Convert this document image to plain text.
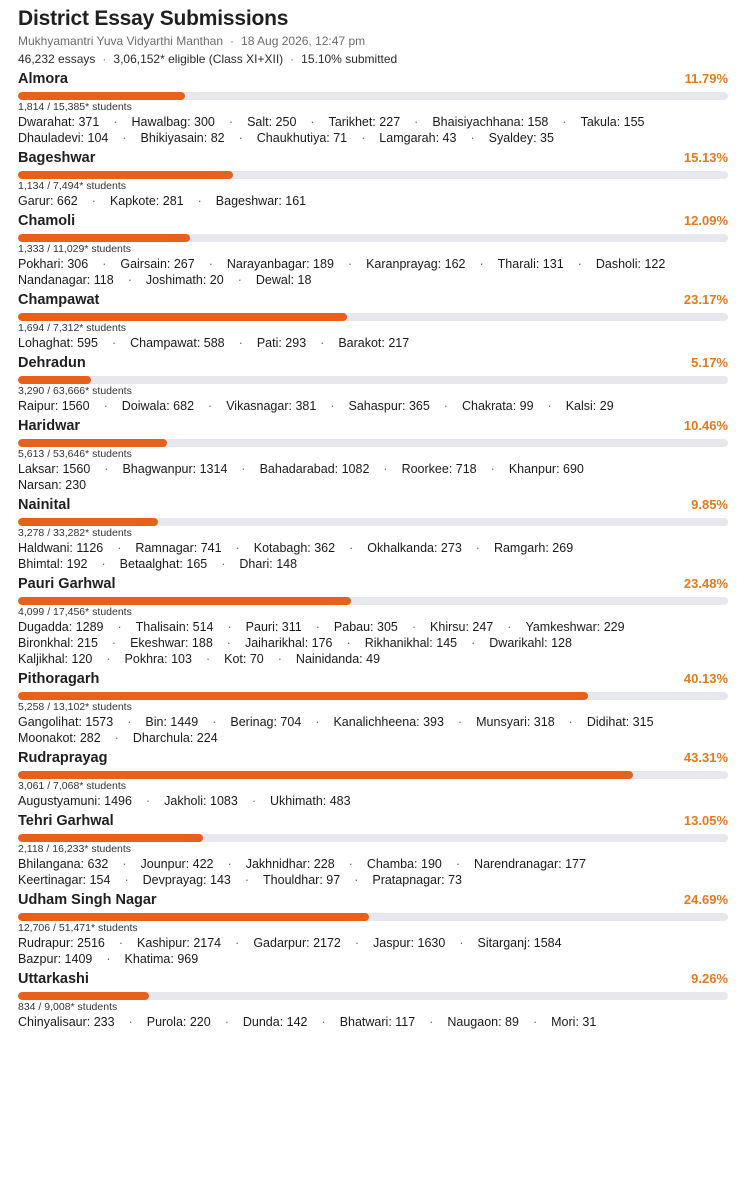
District Essay Submissions
Mukhyamantri Yuva Vidyarthi Manthan · 18 Aug 2026, 12:47 pm
46,232 essays · 3,06,152* eligible (Class XI+XII) · 15.10% submitted
Almora	11.79%
1,814 / 15,385* students
Dwarahat: 371 · Hawalbag: 300 · Salt: 250 · Tarikhet: 227 · Bhaisiyachhana: 158 · Takula: 155
Dhauladevi: 104 · Bhikiyasain: 82 · Chaukhutiya: 71 · Lamgarah: 43 · Syaldey: 35
Bageshwar	15.13%
1,134 / 7,494* students
Garur: 662 · Kapkote: 281 · Bageshwar: 161
Chamoli	12.09%
1,333 / 11,029* students
Pokhari: 306 · Gairsain: 267 · Narayanbagar: 189 · Karanprayag: 162 · Tharali: 131 · Dasholi: 122
Nandanagar: 118 · Joshimath: 20 · Dewal: 18
Champawat	23.17%
1,694 / 7,312* students
Lohaghat: 595 · Champawat: 588 · Pati: 293 · Barakot: 217
Dehradun	5.17%
3,290 / 63,666* students
Raipur: 1560 · Doiwala: 682 · Vikasnagar: 381 · Sahaspur: 365 · Chakrata: 99 · Kalsi: 29
Haridwar	10.46%
5,613 / 53,646* students
Laksar: 1560 · Bhagwanpur: 1314 · Bahadarabad: 1082 · Roorkee: 718 · Khanpur: 690
Narsan: 230
Nainital	9.85%
3,278 / 33,282* students
Haldwani: 1126 · Ramnagar: 741 · Kotabagh: 362 · Okhalkanda: 273 · Ramgarh: 269
Bhimtal: 192 · Betaalghat: 165 · Dhari: 148
Pauri Garhwal	23.48%
4,099 / 17,456* students
Dugadda: 1289 · Thalisain: 514 · Pauri: 311 · Pabau: 305 · Khirsu: 247 · Yamkeshwar: 229
Bironkhal: 215 · Ekeshwar: 188 · Jaiharikhal: 176 · Rikhanikhal: 145 · Dwarikahl: 128
Kaljikhal: 120 · Pokhra: 103 · Kot: 70 · Nainidanda: 49
Pithoragarh	40.13%
5,258 / 13,102* students
Gangolihat: 1573 · Bin: 1449 · Berinag: 704 · Kanalichheena: 393 · Munsyari: 318 · Didihat: 315
Moonakot: 282 · Dharchula: 224
Rudraprayag	43.31%
3,061 / 7,068* students
Augustyamuni: 1496 · Jakholi: 1083 · Ukhimath: 483
Tehri Garhwal	13.05%
2,118 / 16,233* students
Bhilangana: 632 · Jounpur: 422 · Jakhnidhar: 228 · Chamba: 190 · Narendranagar: 177
Keertinagar: 154 · Devprayag: 143 · Thouldhar: 97 · Pratapnagar: 73
Udham Singh Nagar	24.69%
12,706 / 51,471* students
Rudrapur: 2516 · Kashipur: 2174 · Gadarpur: 2172 · Jaspur: 1630 · Sitarganj: 1584
Bazpur: 1409 · Khatima: 969
Uttarkashi	9.26%
834 / 9,008* students
Chinyalisaur: 233 · Purola: 220 · Dunda: 142 · Bhatwari: 117 · Naugaon: 89 · Mori: 31
